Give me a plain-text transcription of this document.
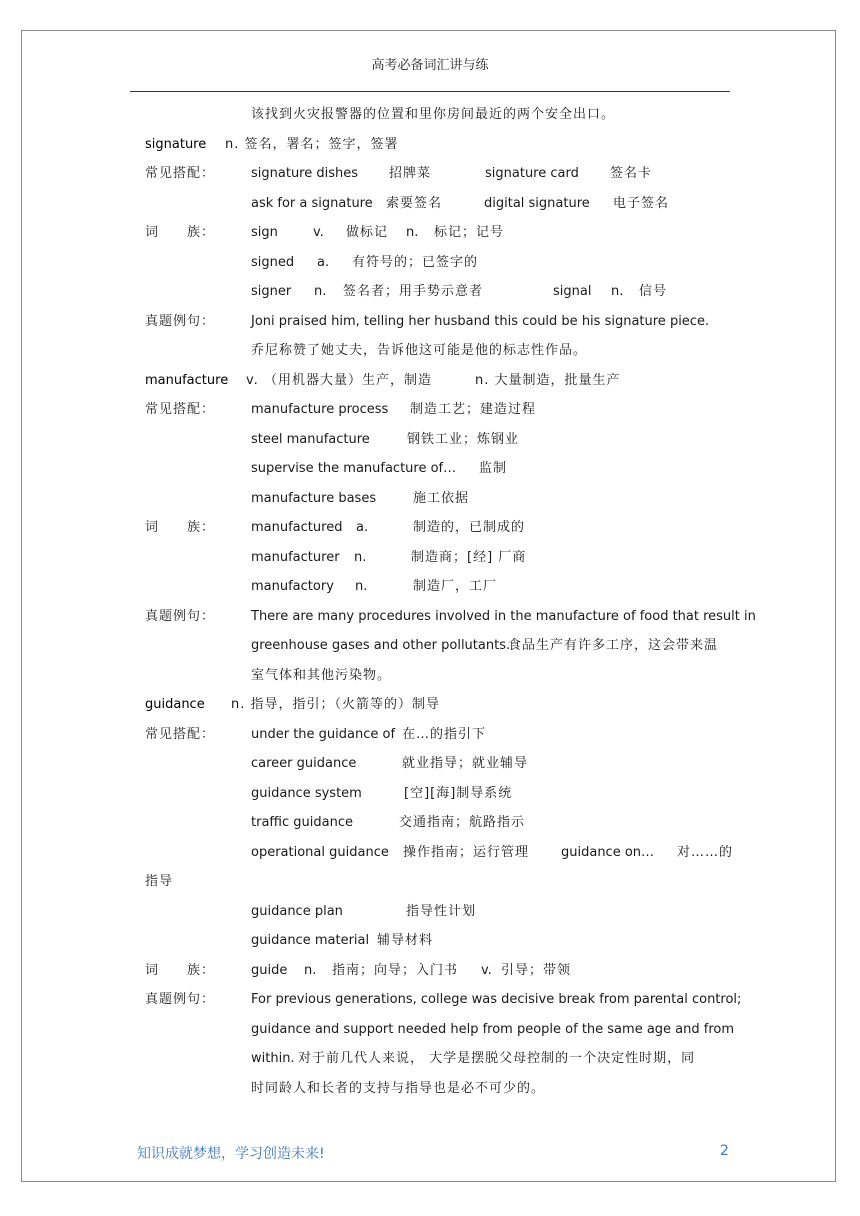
高考必备词汇讲与练
该找到火灾报警器的位置和里你房间最近的两个安全出口。
signature n. 签名，署名；签字，签署
常见搭配：	signature dishes 招牌菜	signature card 签名卡
ask for a signature 索要签名	digital signature 电子签名
词　　族：	sign	v. 做标记 n. 标记；记号
signed a. 有符号的；已签字的
signer n. 签名者；用手势示意者	signal n. 信号
真题例句：	Joni praised him, telling her husband this could be his signature piece.
乔尼称赞了她丈夫，告诉他这可能是他的标志性作品。
manufacture v. （用机器大量）生产，制造	n. 大量制造，批量生产
常见搭配：	manufacture process 制造工艺；建造过程
steel manufacture	钢铁工业；炼钢业
supervise the manufacture of… 监制
manufacture bases	施工依据
词　　族：	manufactured a.	制造的，已制成的
manufacturer n.	制造商；[经] 厂商
manufactory n.	制造厂，工厂
真题例句：	There are many procedures involved in the manufacture of food that result in
greenhouse gases and other pollutants.
食品生产有许多工序，这会带来温
室气体和其他污染物。
guidance n. 指导，指引；（火箭等的）制导
常见搭配：	under the guidance of 在…的指引下
career guidance	就业指导；就业辅导
guidance system	[空][海]制导系统
traffic guidance	交通指南；航路指示
operational guidance 操作指南；运行管理 guidance on… 对……的
指导
guidance plan	指导性计划
guidance material 辅导材料
词　　族：	guide n. 指南；向导；入门书 v. 引导；带领
真题例句：	For previous generations, college was decisive break from parental control;
guidance and support needed help from people of the same age and from
within. 对于前几代人来说， 大学是摆脱父母控制的一个决定性时期，同
时同龄人和长者的支持与指导也是必不可少的。
知识成就梦想，学习创造未来!	2
